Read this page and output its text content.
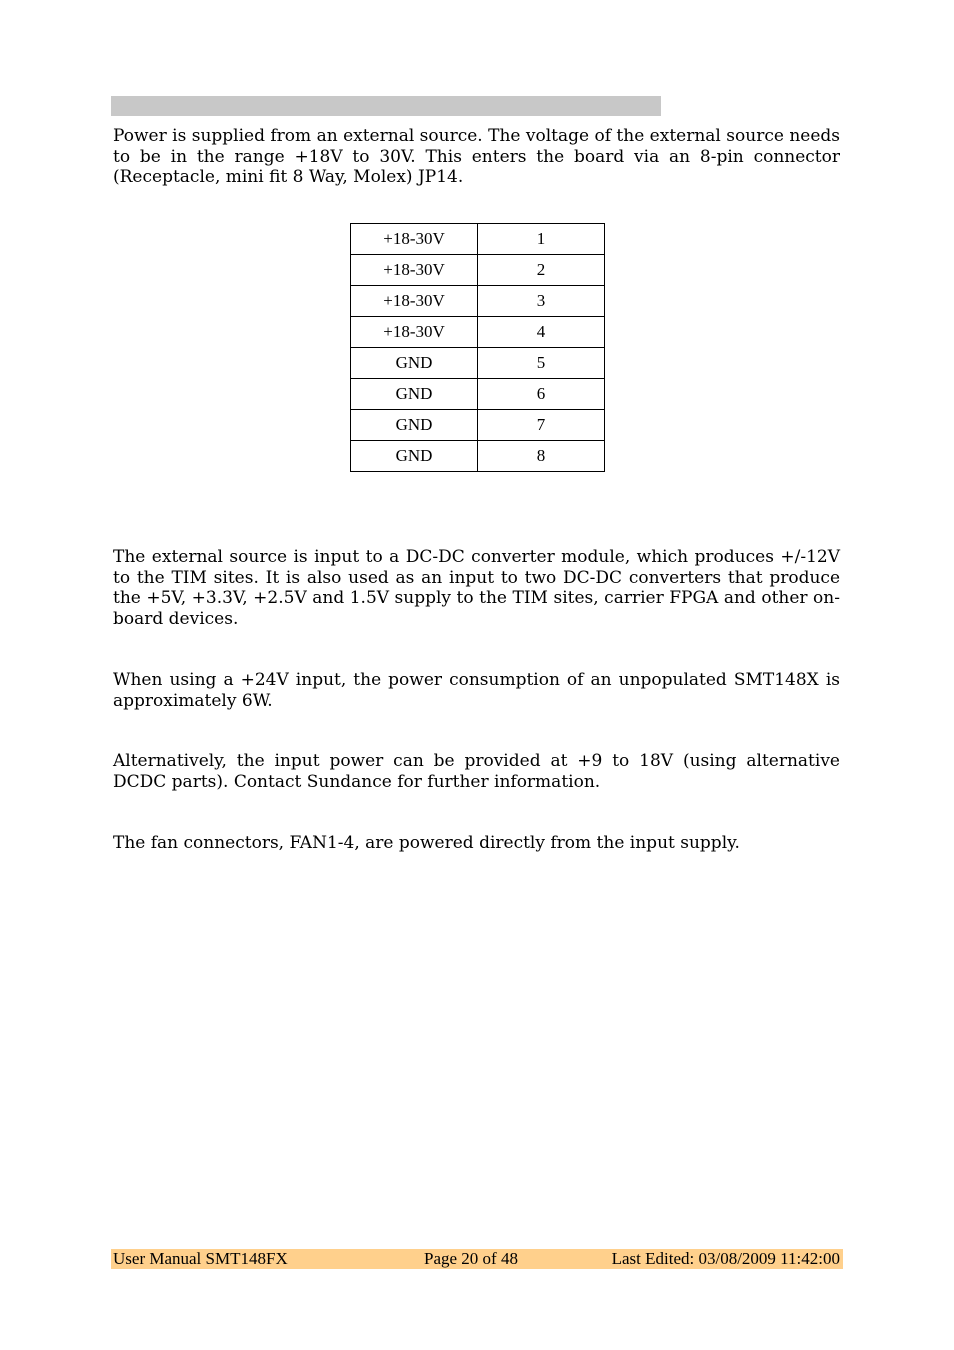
Power is supplied from an external source. The voltage of the external source needs to be in the range +18V to 30V. This enters the board via an 8-pin connector (Receptacle, mini fit 8 Way, Molex) JP14.

+18-30V	1
+18-30V	2
+18-30V	3
+18-30V	4
GND	5
GND	6
GND	7
GND	8

The external source is input to a DC-DC converter module, which produces +/-12V to the TIM sites. It is also used as an input to two DC-DC converters that produce the +5V, +3.3V, +2.5V and 1.5V supply to the TIM sites, carrier FPGA and other on-board devices.

When using a +24V input, the power consumption of an unpopulated SMT148X is approximately 6W.

Alternatively, the input power can be provided at +9 to 18V (using alternative DCDC parts). Contact Sundance for further information.

The fan connectors, FAN1-4, are powered directly from the input supply.

User Manual SMT148FX	Page 20 of 48	Last Edited: 03/08/2009 11:42:00
